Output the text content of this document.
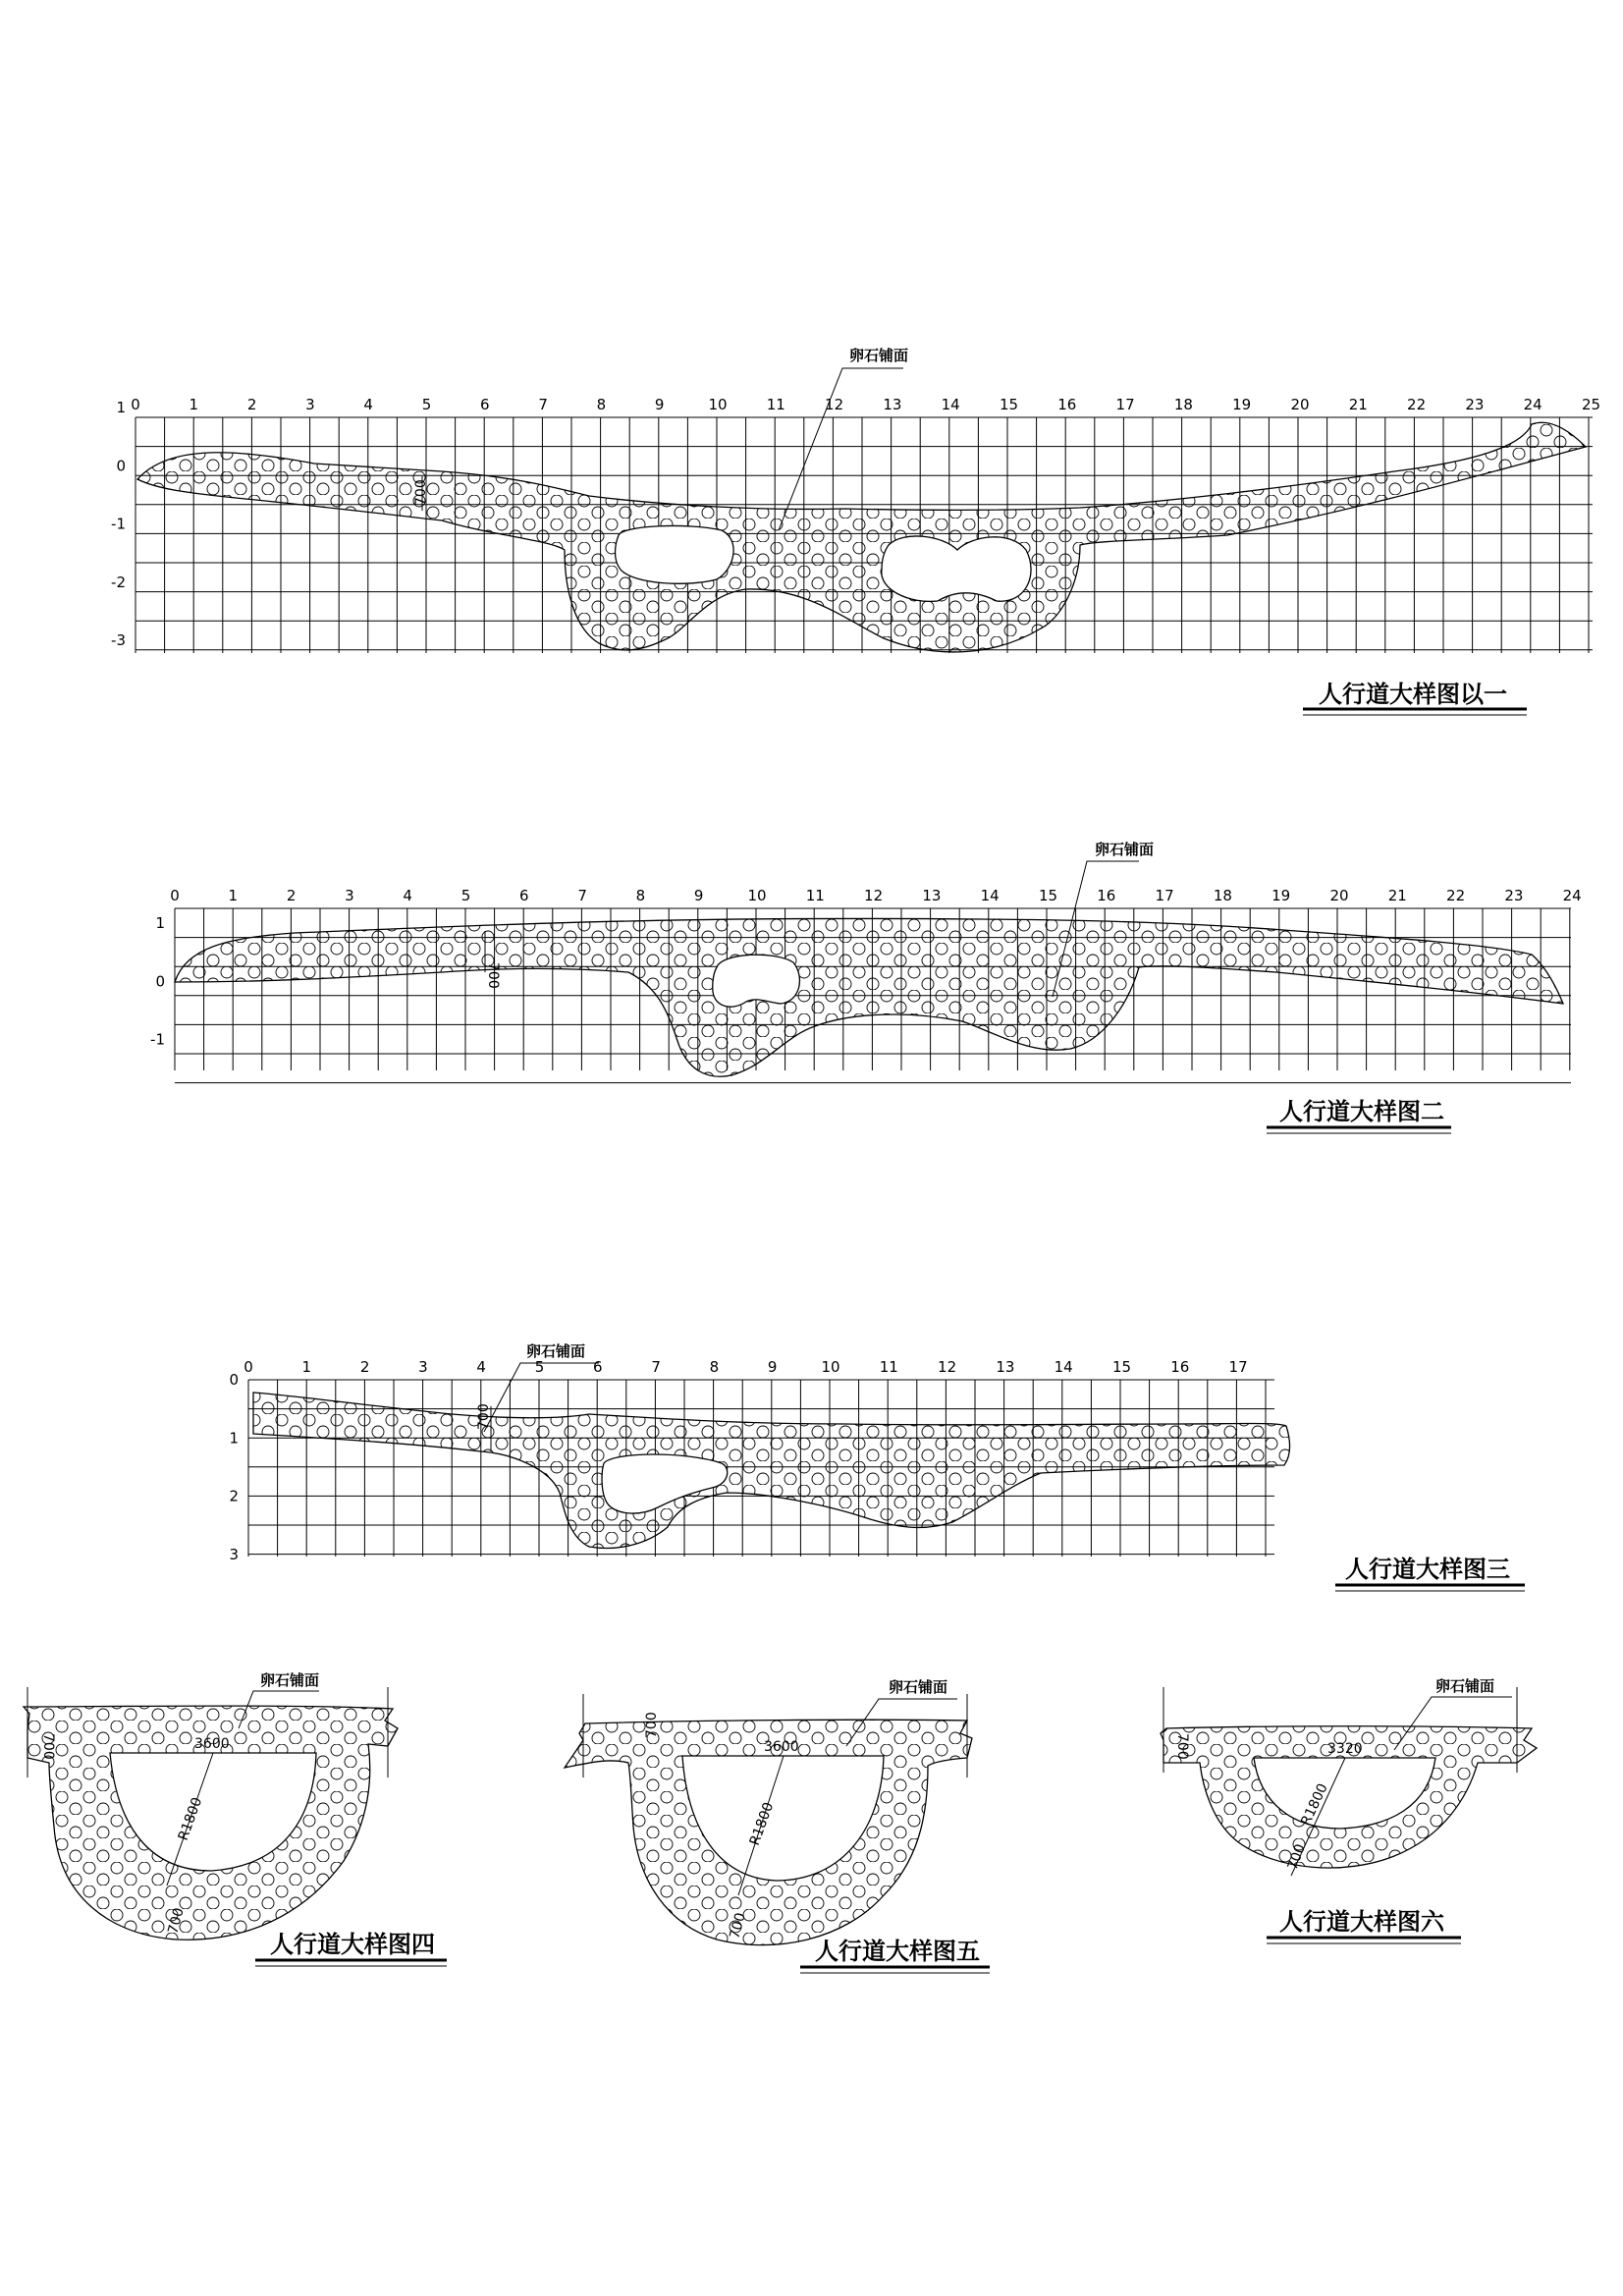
0	1	2	3	4	5	6	7	8	9	10	11	12	13	14	15	16	17	18	19	20	21	22	23	24	25
1
0
-1
-2
-3
卵石铺面
700
人行道大样图以一
0	1	2	3	4	5	6	7	8	9	10	11	12	13	14	15	16	17	18	19	20	21	22	23	24
1
0
-1
卵石铺面
700
人行道大样图二
0	1	2	3	4	5	6	7	8	9	10	11	12	13	14	15	16	17
0
1
2
3
卵石铺面
700
人行道大样图三
卵石铺面
3600
R1800
700
700
人行道大样图四
卵石铺面
3600
R1800
700
700
人行道大样图五
卵石铺面
3320
R1800
700
700
人行道大样图六
